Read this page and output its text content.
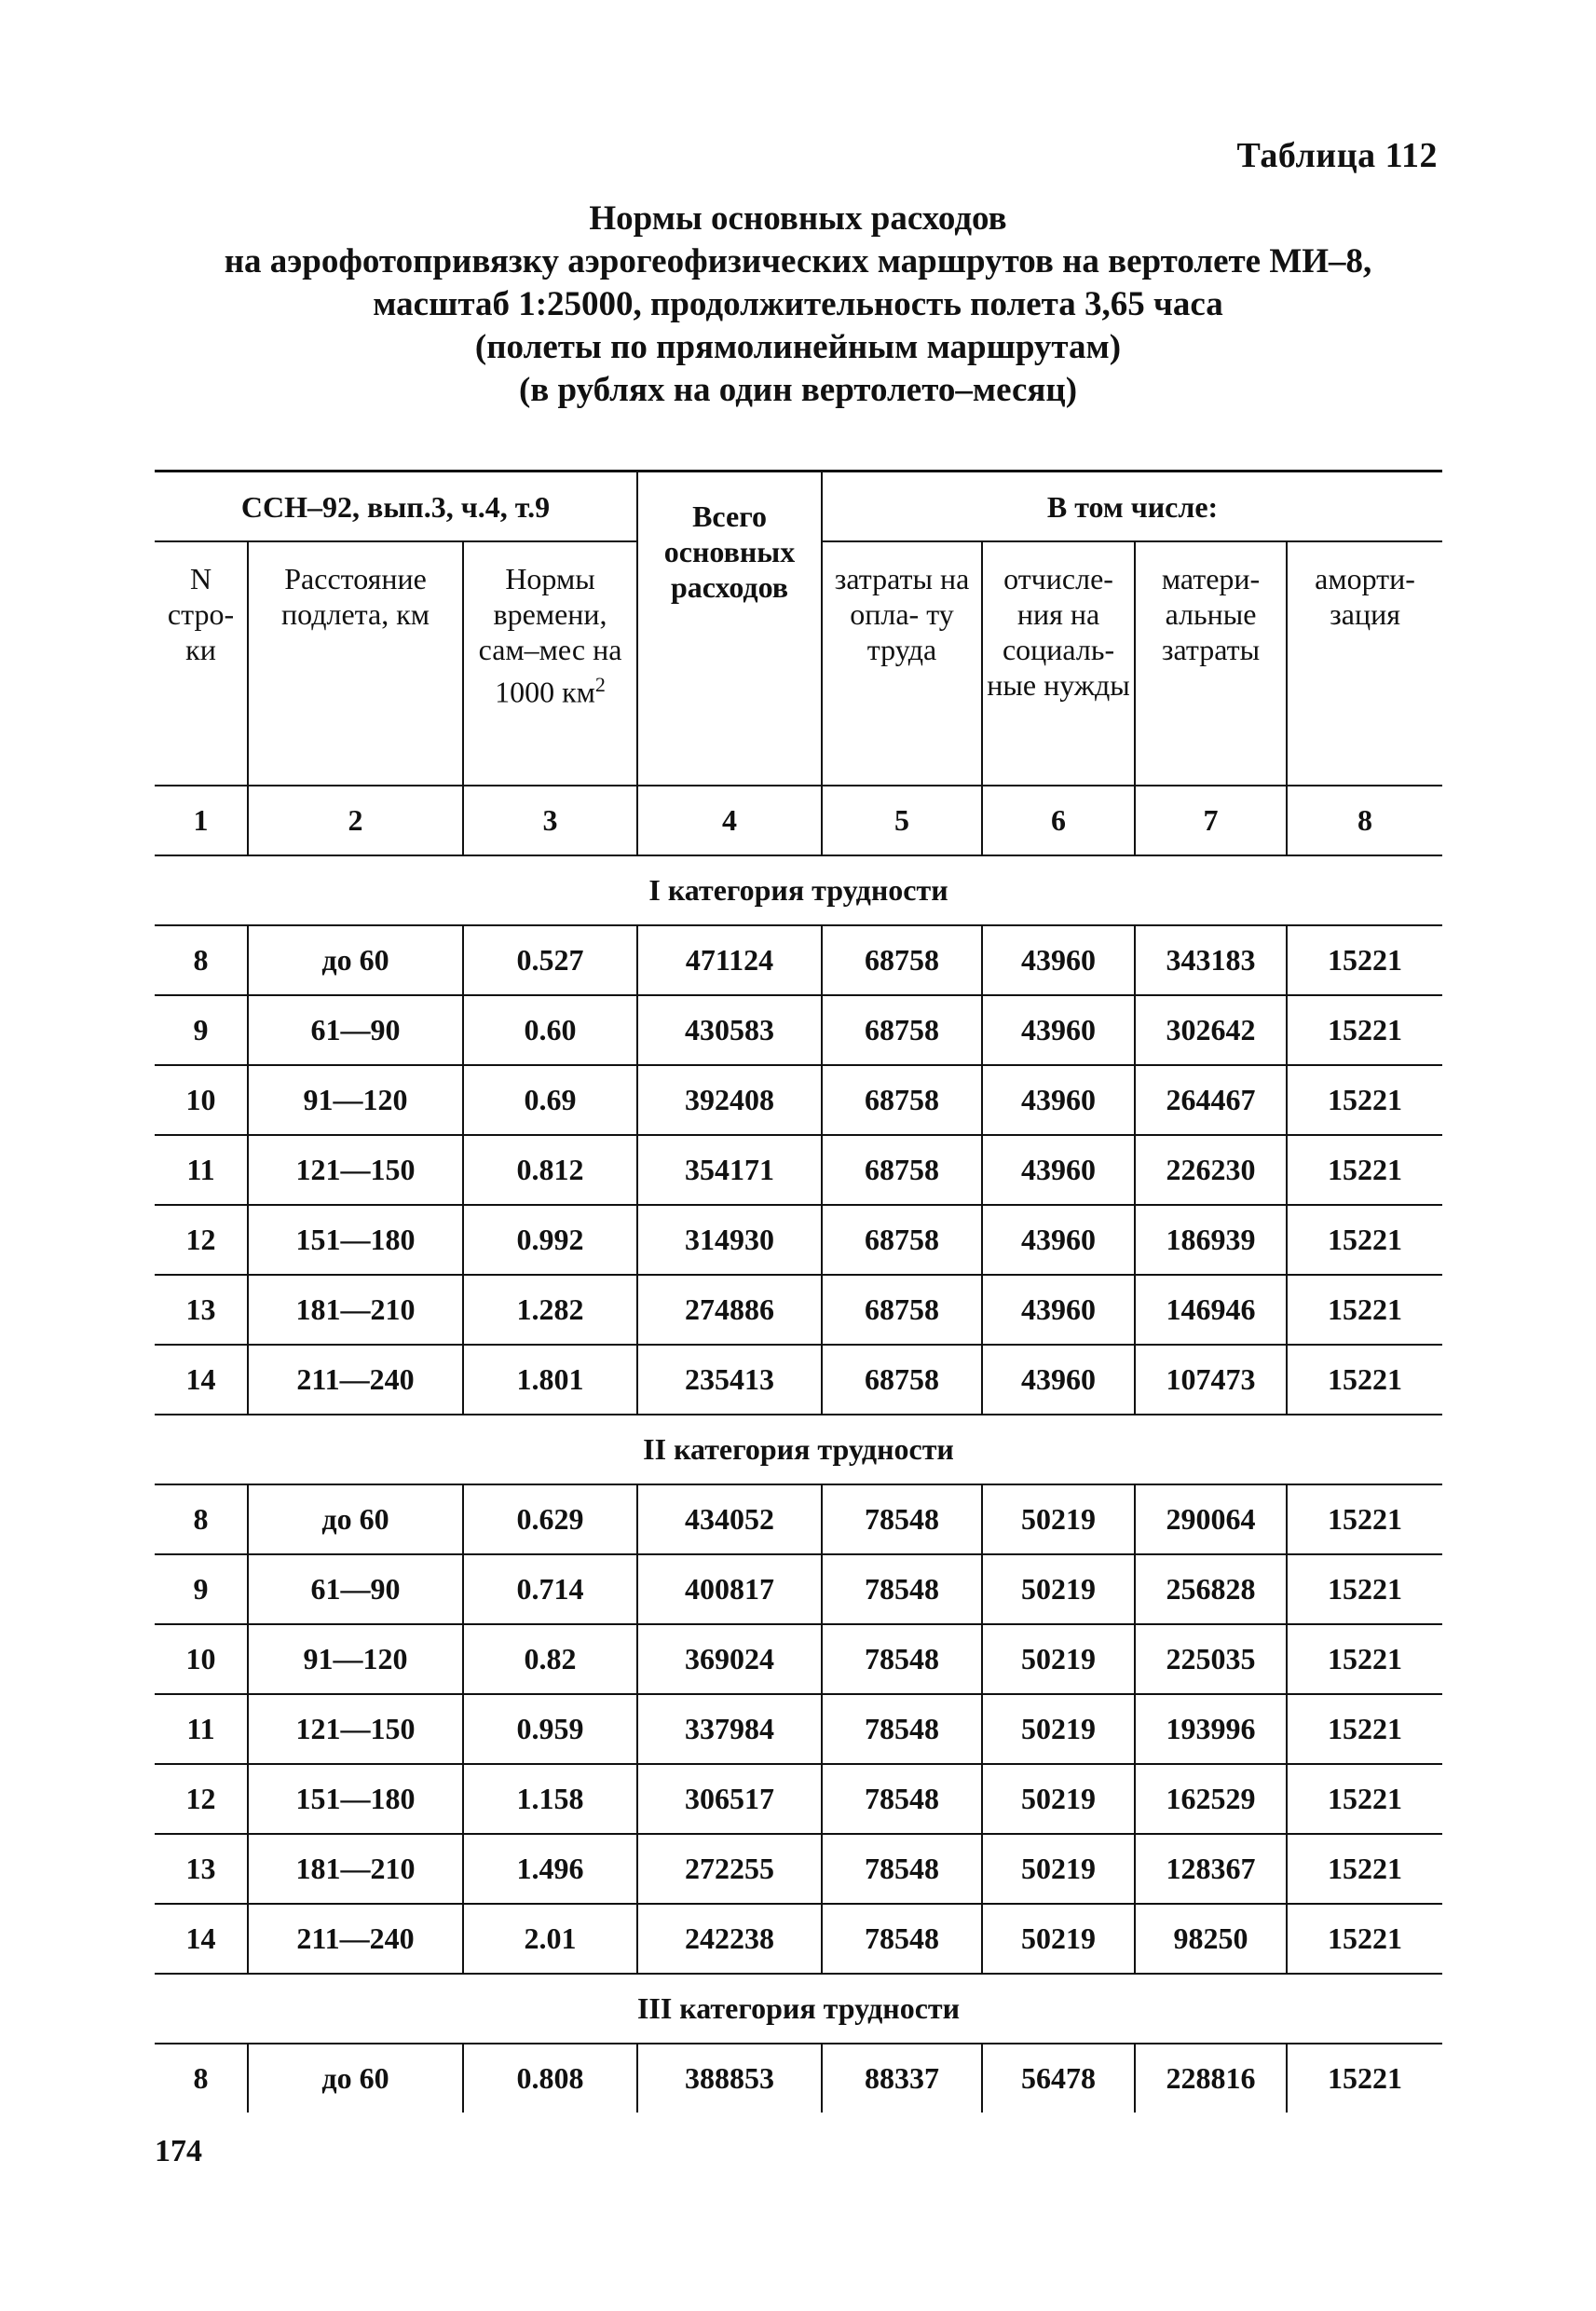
Таблица 112
Нормы основных расходов
на аэрофотопривязку аэрогеофизических маршрутов на вертолете МИ–8,
масштаб 1:25000, продолжительность полета 3,65 часа
(полеты по прямолинейным маршрутам)
(в рублях на один вертолето–месяц)
ССН–92, вып.3, ч.4, т.9			Всего основных расходов	В том числе:			
N стро- ки	Расстояние подлета, км	Нормы времени, сам–мес на 1000 $км^2$		затраты на опла- ту труда	отчисле- ния на социаль- ные нужды	матери- альные затраты	аморти- зация
1	2	3	4	5	6	7	8
I категория трудности							
8	до 60	0.527	471124	68758	43960	343183	15221
9	61—90	0.60	430583	68758	43960	302642	15221
10	91—120	0.69	392408	68758	43960	264467	15221
11	121—150	0.812	354171	68758	43960	226230	15221
12	151—180	0.992	314930	68758	43960	186939	15221
13	181—210	1.282	274886	68758	43960	146946	15221
14	211—240	1.801	235413	68758	43960	107473	15221
II категория трудности							
8	до 60	0.629	434052	78548	50219	290064	15221
9	61—90	0.714	400817	78548	50219	256828	15221
10	91—120	0.82	369024	78548	50219	225035	15221
11	121—150	0.959	337984	78548	50219	193996	15221
12	151—180	1.158	306517	78548	50219	162529	15221
13	181—210	1.496	272255	78548	50219	128367	15221
14	211—240	2.01	242238	78548	50219	98250	15221
III категория трудности							
8	до 60	0.808	388853	88337	56478	228816	15221
174
